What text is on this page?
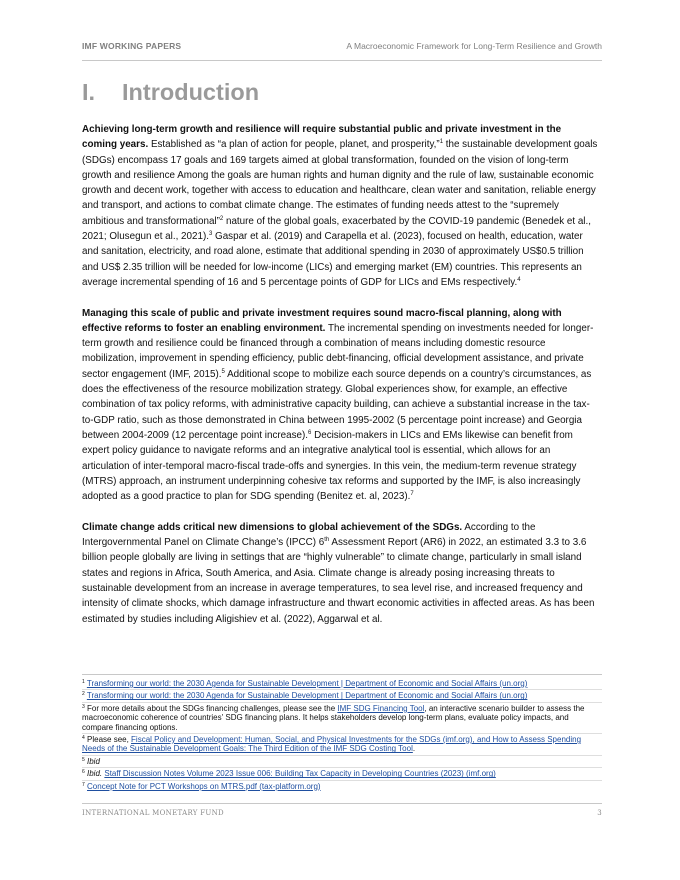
IMF WORKING PAPERS	A Macroeconomic Framework for Long-Term Resilience and Growth
I. Introduction

Achieving long-term growth and resilience will require substantial public and private investment in the coming years. Established as “a plan of action for people, planet, and prosperity,”$^1$ the sustainable development goals (SDGs) encompass 17 goals and 169 targets aimed at global transformation, founded on the vision of long-term growth and resilience Among the goals are human rights and human dignity and the rule of law, sustainable economic growth and decent work, together with access to education and healthcare, clean water and sanitation, reliable energy and transport, and actions to combat climate change. The estimates of funding needs attest to the “supremely ambitious and transformational”$^2$ nature of the global goals, exacerbated by the COVID-19 pandemic (Benedek et al., 2021; Olusegun et al., 2021).$^3$ Gaspar et al. (2019) and Carapella et al. (2023), focused on health, education, water and sanitation, electricity, and road alone, estimate that additional spending in 2030 of approximately US$0.5 trillion and US$ 2.35 trillion will be needed for low-income (LICs) and emerging market (EM) countries. This represents an average incremental spending of 16 and 5 percentage points of GDP for LICs and EMs respectively.$^4$

Managing this scale of public and private investment requires sound macro-fiscal planning, along with effective reforms to foster an enabling environment. The incremental spending on investments needed for longer-term growth and resilience could be financed through a combination of means including domestic resource mobilization, improvement in spending efficiency, public debt-financing, official development assistance, and private sector engagement (IMF, 2015).$^5$ Additional scope to mobilize each source depends on a country’s circumstances, as does the effectiveness of the resource mobilization strategy. Global experiences show, for example, an effective combination of tax policy reforms, with administrative capacity building, can achieve a substantial increase in the tax-to-GDP ratio, such as those demonstrated in China between 1995-2002 (5 percentage point increase) and Georgia between 2004-2009 (12 percentage point increase).$^6$ Decision-makers in LICs and EMs likewise can benefit from expert policy guidance to navigate reforms and an integrative analytical tool is essential, which allows for an articulation of inter-temporal macro-fiscal trade-offs and synergies. In this vein, the medium-term revenue strategy (MTRS) approach, an instrument underpinning cohesive tax reforms and supported by the IMF, is also increasingly adopted as a good practice to plan for SDG spending (Benitez et. al, 2023).$^7$

Climate change adds critical new dimensions to global achievement of the SDGs. According to the Intergovernmental Panel on Climate Change’s (IPCC) 6th Assessment Report (AR6) in 2022, an estimated 3.3 to 3.6 billion people globally are living in settings that are “highly vulnerable” to climate change, particularly in small island states and regions in Africa, South America, and Asia. Climate change is already posing increasing threats to sustainable development from an increase in average temperatures, to sea level rise, and increased frequency and intensity of climate shocks, which damage infrastructure and thwart economic activities in affected areas. As has been estimated by studies including Aligishiev et al. (2022), Aggarwal et al.

$^1$ Transforming our world: the 2030 Agenda for Sustainable Development | Department of Economic and Social Affairs (un.org)
$^2$ Transforming our world: the 2030 Agenda for Sustainable Development | Department of Economic and Social Affairs (un.org)
$^3$ For more details about the SDGs financing challenges, please see the IMF SDG Financing Tool, an interactive scenario builder to assess the macroeconomic coherence of countries' SDG financing plans. It helps stakeholders develop long-term plans, evaluate policy impacts, and compare financing options.
$^4$ Please see, Fiscal Policy and Development: Human, Social, and Physical Investments for the SDGs (imf.org), and How to Assess Spending Needs of the Sustainable Development Goals: The Third Edition of the IMF SDG Costing Tool.
$^5$ Ibid
$^6$ Ibid. Staff Discussion Notes Volume 2023 Issue 006: Building Tax Capacity in Developing Countries (2023) (imf.org)
$^7$ Concept Note for PCT Workshops on MTRS.pdf (tax-platform.org)
INTERNATIONAL MONETARY FUND	3
